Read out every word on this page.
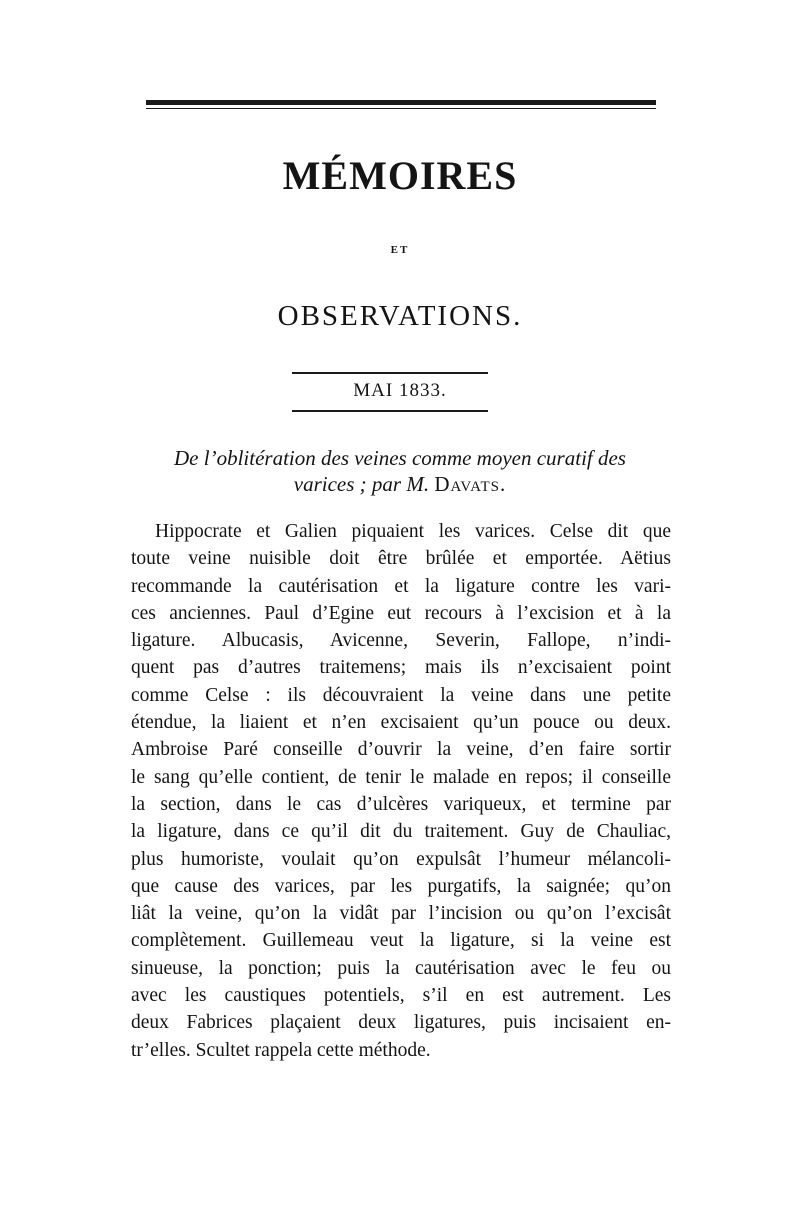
MÉMOIRES
ET
OBSERVATIONS.
MAI 1833.
De l’oblitération des veines comme moyen curatif des
varices ; par M. Davats.
Hippocrate et Galien piquaient les varices. Celse dit que
toute veine nuisible doit être brûlée et emportée. Aëtius
recommande la cautérisation et la ligature contre les vari-
ces anciennes. Paul d’Egine eut recours à l’excision et à la
ligature. Albucasis, Avicenne, Severin, Fallope, n’indi-
quent pas d’autres traitemens; mais ils n’excisaient point
comme Celse : ils découvraient la veine dans une petite
étendue, la liaient et n’en excisaient qu’un pouce ou deux.
Ambroise Paré conseille d’ouvrir la veine, d’en faire sortir
le sang qu’elle contient, de tenir le malade en repos; il conseille
la section, dans le cas d’ulcères variqueux, et termine par
la ligature, dans ce qu’il dit du traitement. Guy de Chauliac,
plus humoriste, voulait qu’on expulsât l’humeur mélancoli-
que cause des varices, par les purgatifs, la saignée; qu’on
liât la veine, qu’on la vidât par l’incision ou qu’on l’excisât
complètement. Guillemeau veut la ligature, si la veine est
sinueuse, la ponction; puis la cautérisation avec le feu ou
avec les caustiques potentiels, s’il en est autrement. Les
deux Fabrices plaçaient deux ligatures, puis incisaient en-
tr’elles. Scultet rappela cette méthode.
